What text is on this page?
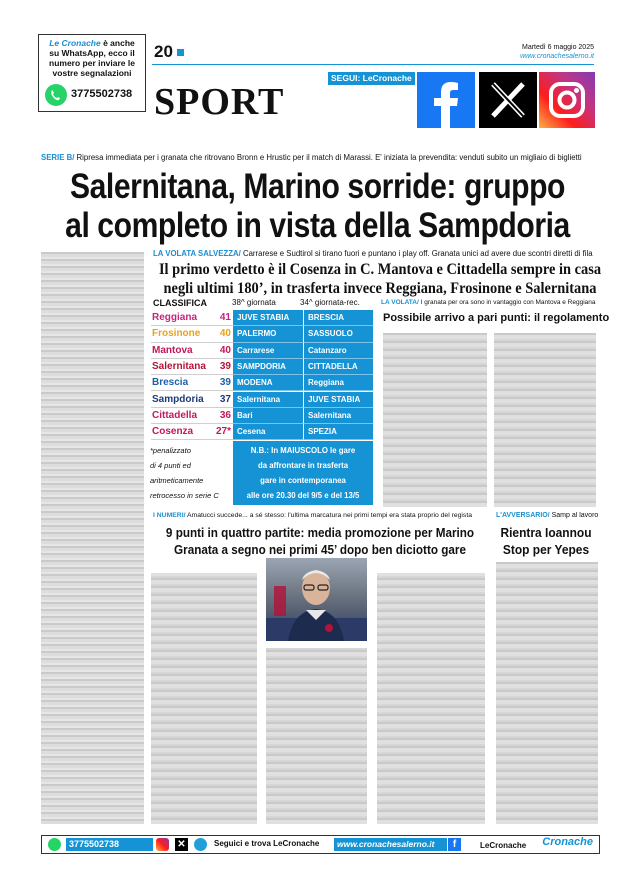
Le Cronache è anche
su WhatsApp, ecco il
numero per inviare le
vostre segnalazioni
3775502738
20	Martedì 6 maggio 2025
www.cronachesalerno.it
SPORT
SEGUI: LeCronache
SERIE B/ Ripresa immediata per i granata che ritrovano Bronn e Hrustic per il match di Marassi. E' iniziata la prevendita: venduti subito un migliaio di biglietti
Salernitana, Marino sorride: gruppo
al completo in vista della Sampdoria
LA VOLATA SALVEZZA/ Carrarese e Sudtirol si tirano fuori e puntano i play off. Granata unici ad avere due scontri diretti di fila
Il primo verdetto è il Cosenza in C. Mantova e Cittadella sempre in casa
negli ultimi 180’, in trasferta invece Reggiana, Frosinone e Salernitana
CLASSIFICA	38^ giornata	34^ giornata-rec.
Reggiana	41 JUVE STABIA	BRESCIA
Frosinone	40 PALERMO	SASSUOLO
Mantova	40 Carrarese	Catanzaro
Salernitana	39 SAMPDORIA	CITTADELLA
Brescia	39 MODENA	Reggiana
Sampdoria	37 Salernitana	JUVE STABIA
Cittadella	36 Bari	Salernitana
Cosenza	27* Cesena	SPEZIA
*penalizzato
di 4 punti ed
aritmeticamente
retrocesso in serie C
N.B.: In MAIUSCOLO le gare
da affrontare in trasferta
gare in contemporanea
alle ore 20.30 del 9/5 e del 13/5
LA VOLATA/ I granata per ora sono in vantaggio con Mantova e Reggiana
Possibile arrivo a pari punti: il regolamento
I NUMERI/ Amatucci succede... a sé stesso: l'ultima marcatura nei primi tempi era stata proprio del regista
9 punti in quattro partite: media promozione per Marino
Granata a segno nei primi 45’ dopo ben diciotto gare
L'AVVERSARIO/ Samp al lavoro
Rientra Ioannou
Stop per Yepes
3775502738	✕	Seguici e trova LeCronache	www.cronachesalerno.it	f	LeCronache Cronache
